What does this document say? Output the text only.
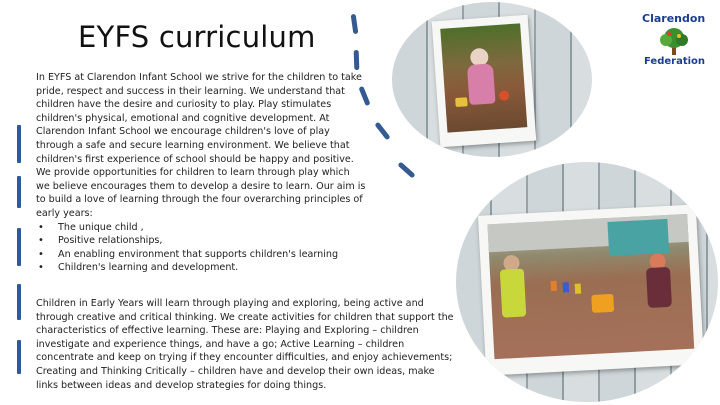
EYFS curriculum
In EYFS at Clarendon Infant School we strive for the children to take pride, respect and success in their learning. We understand that children have the desire and curiosity to play. Play stimulates children's physical, emotional and cognitive development. At Clarendon Infant School we encourage children's love of play through a safe and secure learning environment. We believe that children's first experience of school should be happy and positive. We provide opportunities for children to learn through play which we believe encourages them to develop a desire to learn. Our aim is to build a love of learning through the four overarching principles of early years:
• The unique child ,
• Positive relationships,
• An enabling environment that supports children's learning
• Children's learning and development.
Children in Early Years will learn through playing and exploring, being active and through creative and critical thinking. We create activities for children that support the characteristics of effective learning. These are: Playing and Exploring – children investigate and experience things, and have a go; Active Learning – children concentrate and keep on trying if they encounter difficulties, and enjoy achievements; Creating and Thinking Critically – children have and develop their own ideas, make links between ideas and develop strategies for doing things.
Clarendon
Federation
